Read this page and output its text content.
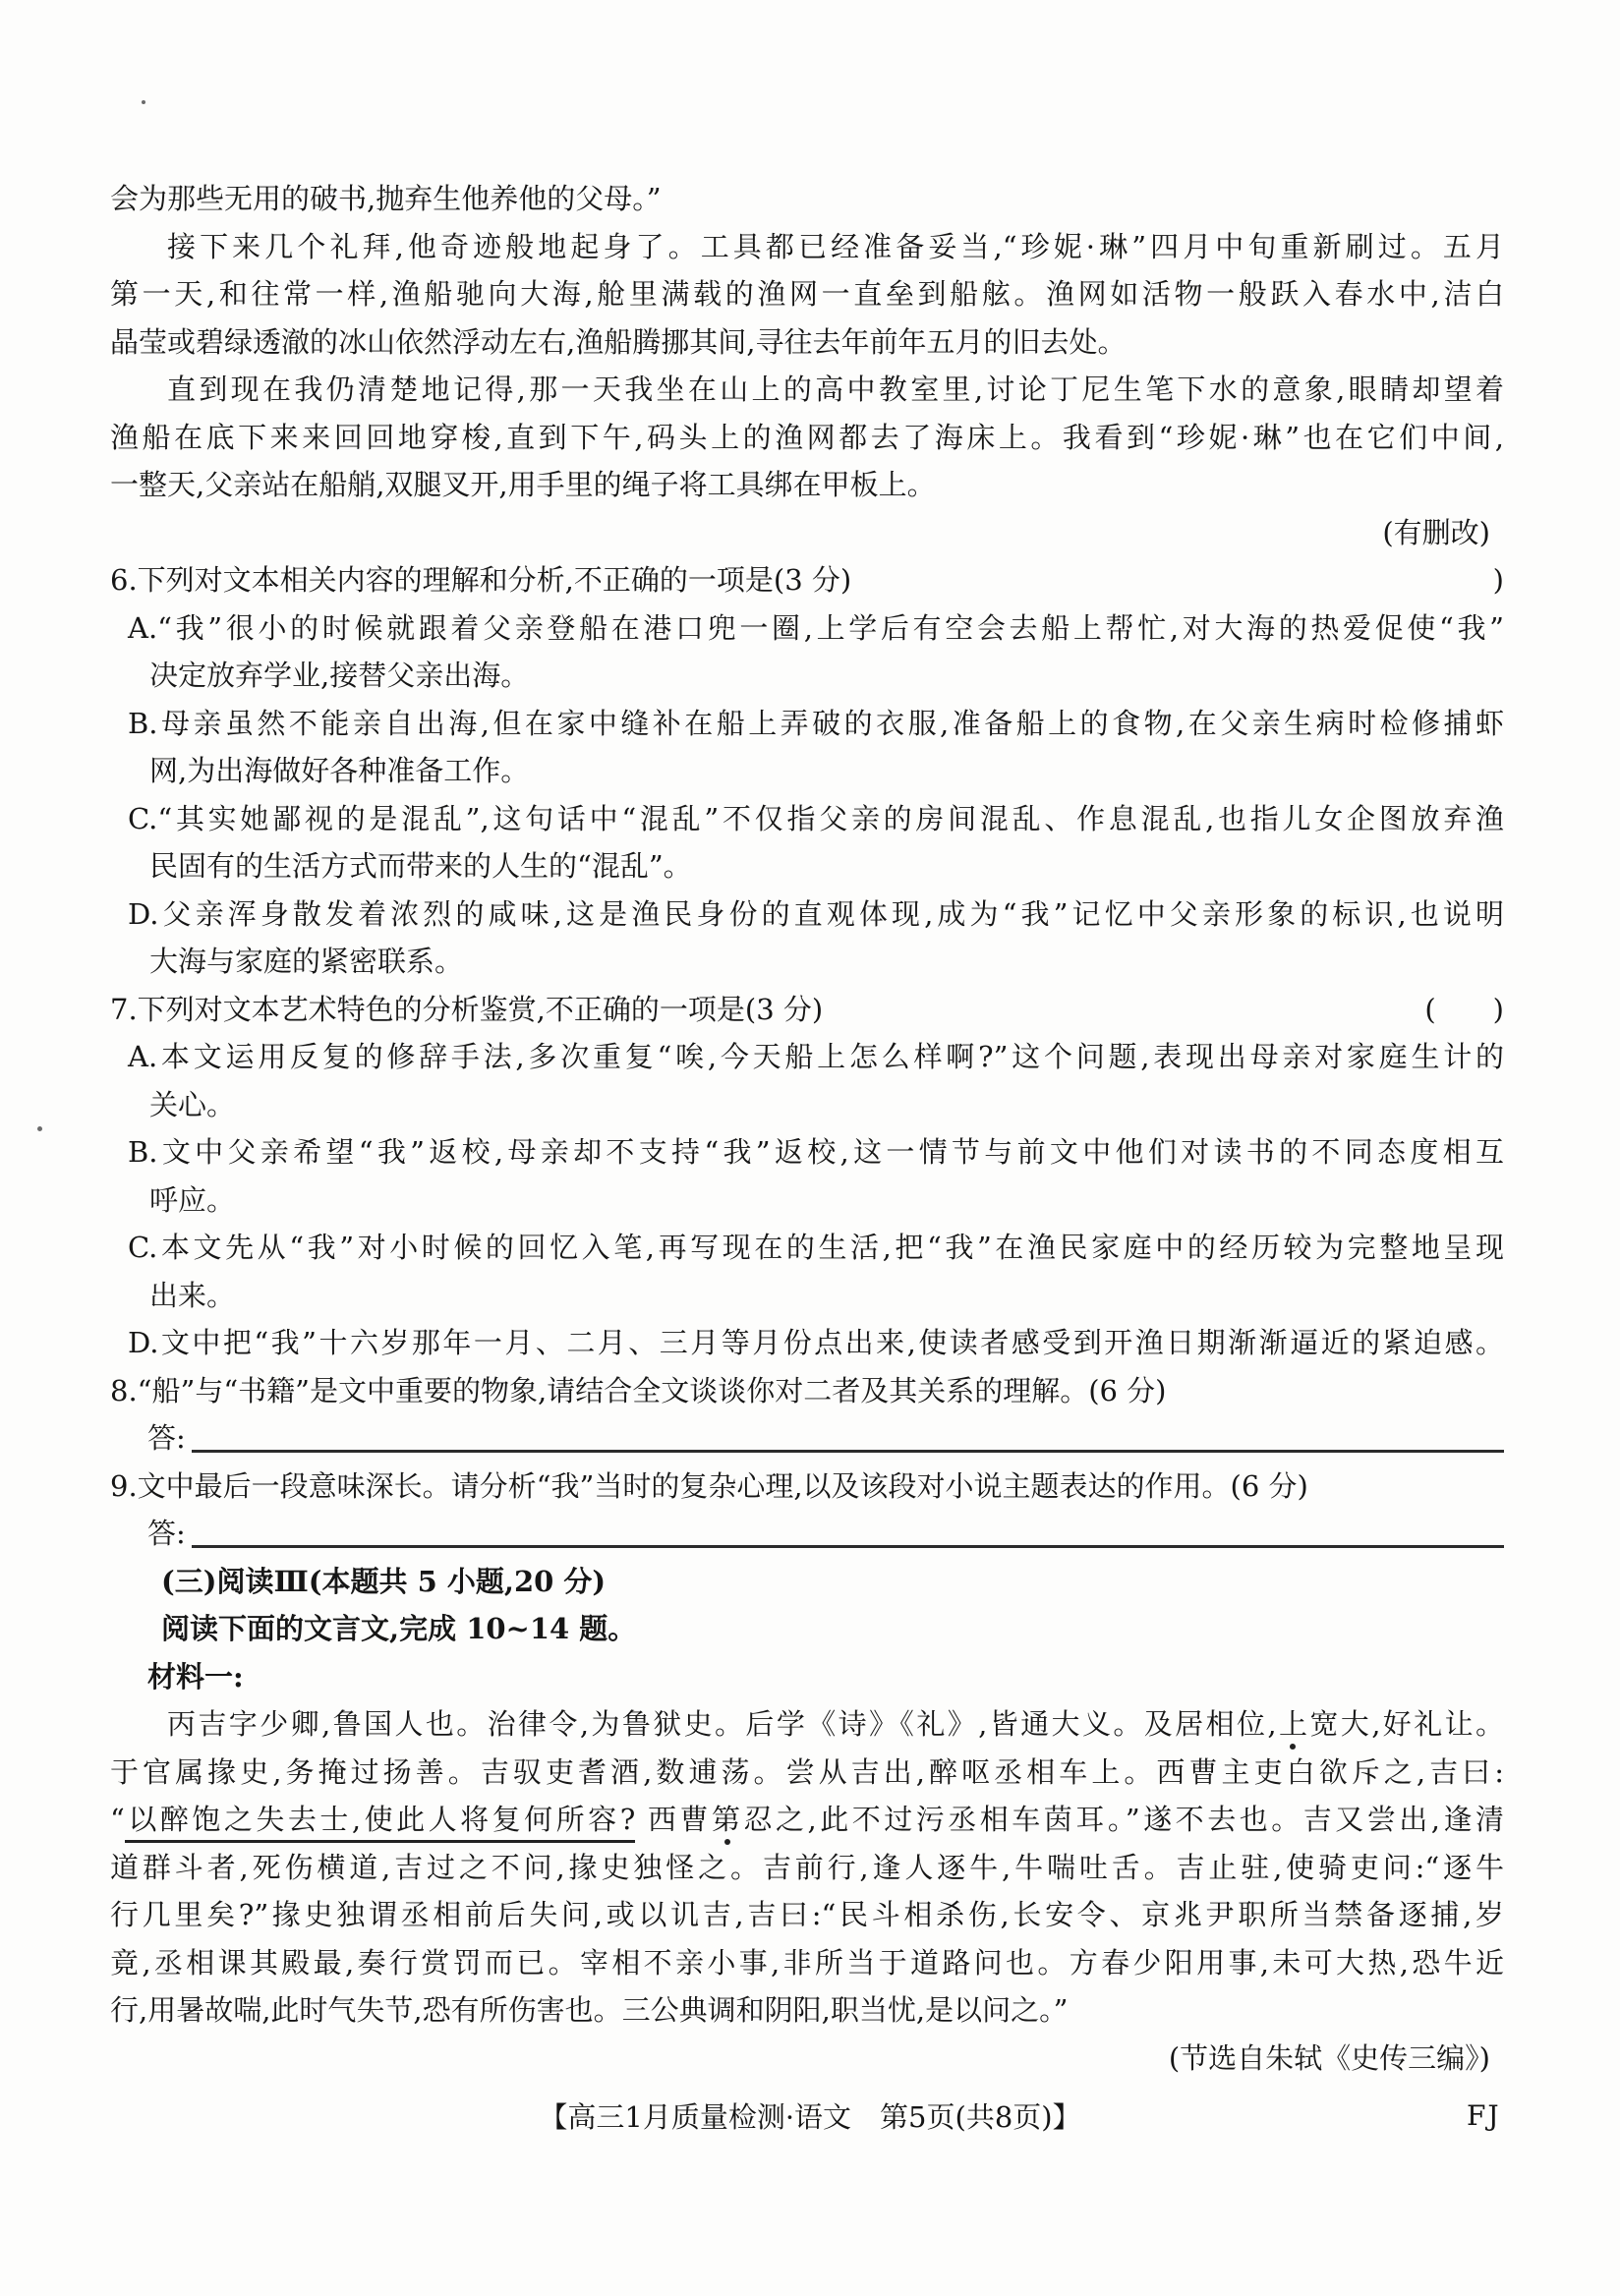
会为那些无用的破书,抛弃生他养他的父母。”
接下来几个礼拜,他奇迹般地起身了。工具都已经准备妥当,“珍妮·琳”四月中旬重新刷过。五月
第一天,和往常一样,渔船驰向大海,舱里满载的渔网一直垒到船舷。渔网如活物一般跃入春水中,洁白
晶莹或碧绿透澈的冰山依然浮动左右,渔船腾挪其间,寻往去年前年五月的旧去处。
直到现在我仍清楚地记得,那一天我坐在山上的高中教室里,讨论丁尼生笔下水的意象,眼睛却望着
渔船在底下来来回回地穿梭,直到下午,码头上的渔网都去了海床上。我看到“珍妮·琳”也在它们中间,
一整天,父亲站在船艄,双腿叉开,用手里的绳子将工具绑在甲板上。
(有删改)
6.下列对文本相关内容的理解和分析,不正确的一项是(3 分)	)
A.“我”很小的时候就跟着父亲登船在港口兜一圈,上学后有空会去船上帮忙,对大海的热爱促使“我”
决定放弃学业,接替父亲出海。
B.母亲虽然不能亲自出海,但在家中缝补在船上弄破的衣服,准备船上的食物,在父亲生病时检修捕虾
网,为出海做好各种准备工作。
C.“其实她鄙视的是混乱”,这句话中“混乱”不仅指父亲的房间混乱、作息混乱,也指儿女企图放弃渔
民固有的生活方式而带来的人生的“混乱”。
D.父亲浑身散发着浓烈的咸味,这是渔民身份的直观体现,成为“我”记忆中父亲形象的标识,也说明
大海与家庭的紧密联系。
7.下列对文本艺术特色的分析鉴赏,不正确的一项是(3 分)	(　　)
A.本文运用反复的修辞手法,多次重复“唉,今天船上怎么样啊?”这个问题,表现出母亲对家庭生计的
关心。
B.文中父亲希望“我”返校,母亲却不支持“我”返校,这一情节与前文中他们对读书的不同态度相互
呼应。
C.本文先从“我”对小时候的回忆入笔,再写现在的生活,把“我”在渔民家庭中的经历较为完整地呈现
出来。
D.文中把“我”十六岁那年一月、二月、三月等月份点出来,使读者感受到开渔日期渐渐逼近的紧迫感。
8.“船”与“书籍”是文中重要的物象,请结合全文谈谈你对二者及其关系的理解。(6 分)
答:
9.文中最后一段意味深长。请分析“我”当时的复杂心理,以及该段对小说主题表达的作用。(6 分)
答:
(三)阅读Ⅲ(本题共 5 小题,20 分)
阅读下面的文言文,完成 10~14 题。
材料一:
丙吉字少卿,鲁国人也。治律令,为鲁狱史。后学《诗》《礼》,皆通大义。及居相位,上宽大,好礼让。
于官属掾史,务掩过扬善。吉驭吏耆酒,数逋荡。尝从吉出,醉呕丞相车上。西曹主吏白欲斥之,吉曰:
“以醉饱之失去士,使此人将复何所容? 西曹第忍之,此不过污丞相车茵耳。”遂不去也。吉又尝出,逢清
道群斗者,死伤横道,吉过之不问,掾史独怪之。吉前行,逢人逐牛,牛喘吐舌。吉止驻,使骑吏问:“逐牛
行几里矣?”掾史独谓丞相前后失问,或以讥吉,吉曰:“民斗相杀伤,长安令、京兆尹职所当禁备逐捕,岁
竟,丞相课其殿最,奏行赏罚而已。宰相不亲小事,非所当于道路问也。方春少阳用事,未可大热,恐牛近
行,用暑故喘,此时气失节,恐有所伤害也。三公典调和阴阳,职当忧,是以问之。”
(节选自朱轼《史传三编》)
【高三1月质量检测·语文　第5页(共8页)】	FJ
